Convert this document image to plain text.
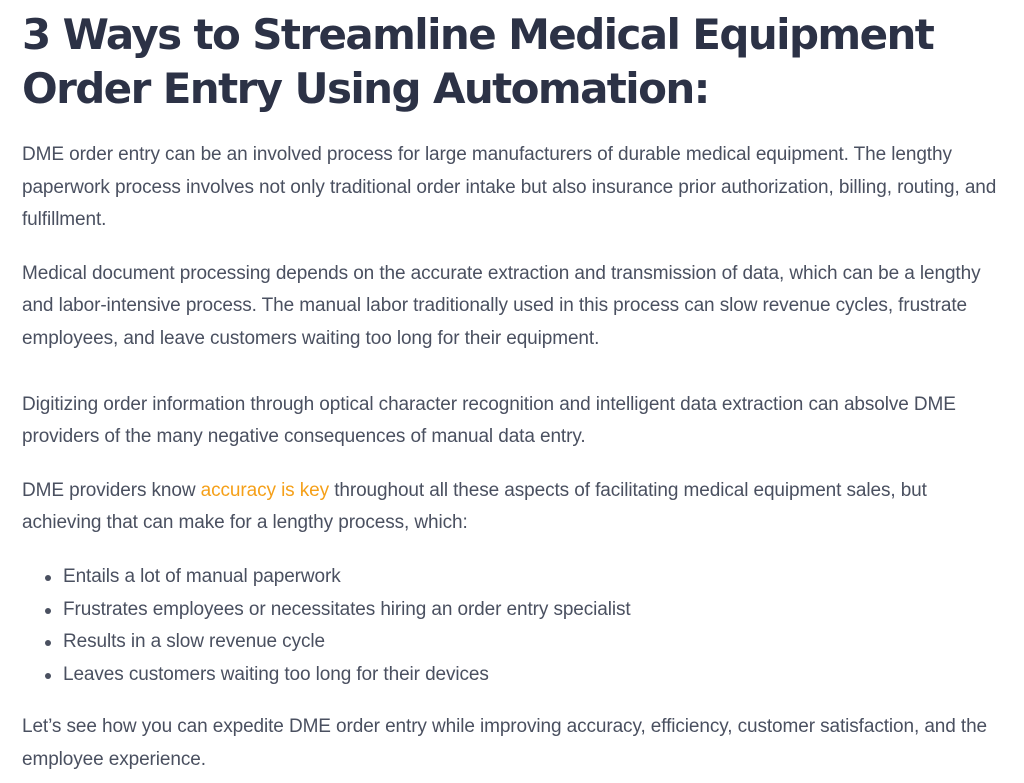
3 Ways to Streamline Medical Equipment Order Entry Using Automation:

DME order entry can be an involved process for large manufacturers of durable medical equipment. The lengthy paperwork process involves not only traditional order intake but also insurance prior authorization, billing, routing, and fulfillment.

Medical document processing depends on the accurate extraction and transmission of data, which can be a lengthy and labor-intensive process. The manual labor traditionally used in this process can slow revenue cycles, frustrate employees, and leave customers waiting too long for their equipment.

Digitizing order information through optical character recognition and intelligent data extraction can absolve DME providers of the many negative consequences of manual data entry.

DME providers know accuracy is key throughout all these aspects of facilitating medical equipment sales, but achieving that can make for a lengthy process, which:

Entails a lot of manual paperwork
Frustrates employees or necessitates hiring an order entry specialist
Results in a slow revenue cycle
Leaves customers waiting too long for their devices

Let’s see how you can expedite DME order entry while improving accuracy, efficiency, customer satisfaction, and the employee experience.
